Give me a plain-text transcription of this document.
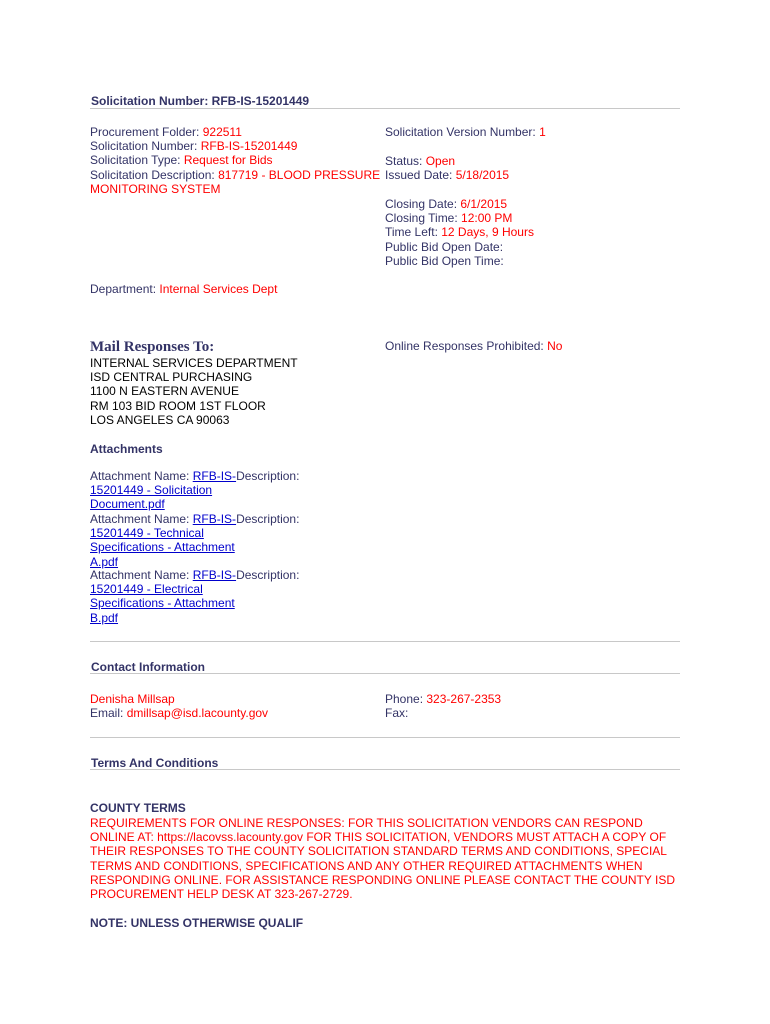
Solicitation Number: RFB-IS-15201449
Procurement Folder: 922511
Solicitation Number: RFB-IS-15201449
Solicitation Type: Request for Bids
Solicitation Description: 817719 - BLOOD PRESSURE
MONITORING SYSTEM
Solicitation Version Number: 1
Status: Open
Issued Date: 5/18/2015
Closing Date: 6/1/2015
Closing Time: 12:00 PM
Time Left: 12 Days, 9 Hours
Public Bid Open Date:
Public Bid Open Time:
Department: Internal Services Dept
Mail Responses To:
INTERNAL SERVICES DEPARTMENT
ISD CENTRAL PURCHASING
1100 N EASTERN AVENUE
RM 103 BID ROOM 1ST FLOOR
LOS ANGELES CA 90063
Online Responses Prohibited: No
Attachments
Attachment Name: RFB-IS-Description:
15201449 - Solicitation
Document.pdf
Attachment Name: RFB-IS-Description:
15201449 - Technical
Specifications - Attachment
A.pdf
Attachment Name: RFB-IS-Description:
15201449 - Electrical
Specifications - Attachment
B.pdf
Contact Information
Denisha Millsap
Email: dmillsap@isd.lacounty.gov
Phone: 323-267-2353
Fax:
Terms And Conditions
COUNTY TERMS
REQUIREMENTS FOR ONLINE RESPONSES: FOR THIS SOLICITATION VENDORS CAN RESPOND
ONLINE AT: https://lacovss.lacounty.gov FOR THIS SOLICITATION, VENDORS MUST ATTACH A COPY OF
THEIR RESPONSES TO THE COUNTY SOLICITATION STANDARD TERMS AND CONDITIONS, SPECIAL
TERMS AND CONDITIONS, SPECIFICATIONS AND ANY OTHER REQUIRED ATTACHMENTS WHEN
RESPONDING ONLINE. FOR ASSISTANCE RESPONDING ONLINE PLEASE CONTACT THE COUNTY ISD
PROCUREMENT HELP DESK AT 323-267-2729.
NOTE: UNLESS OTHERWISE QUALIF
